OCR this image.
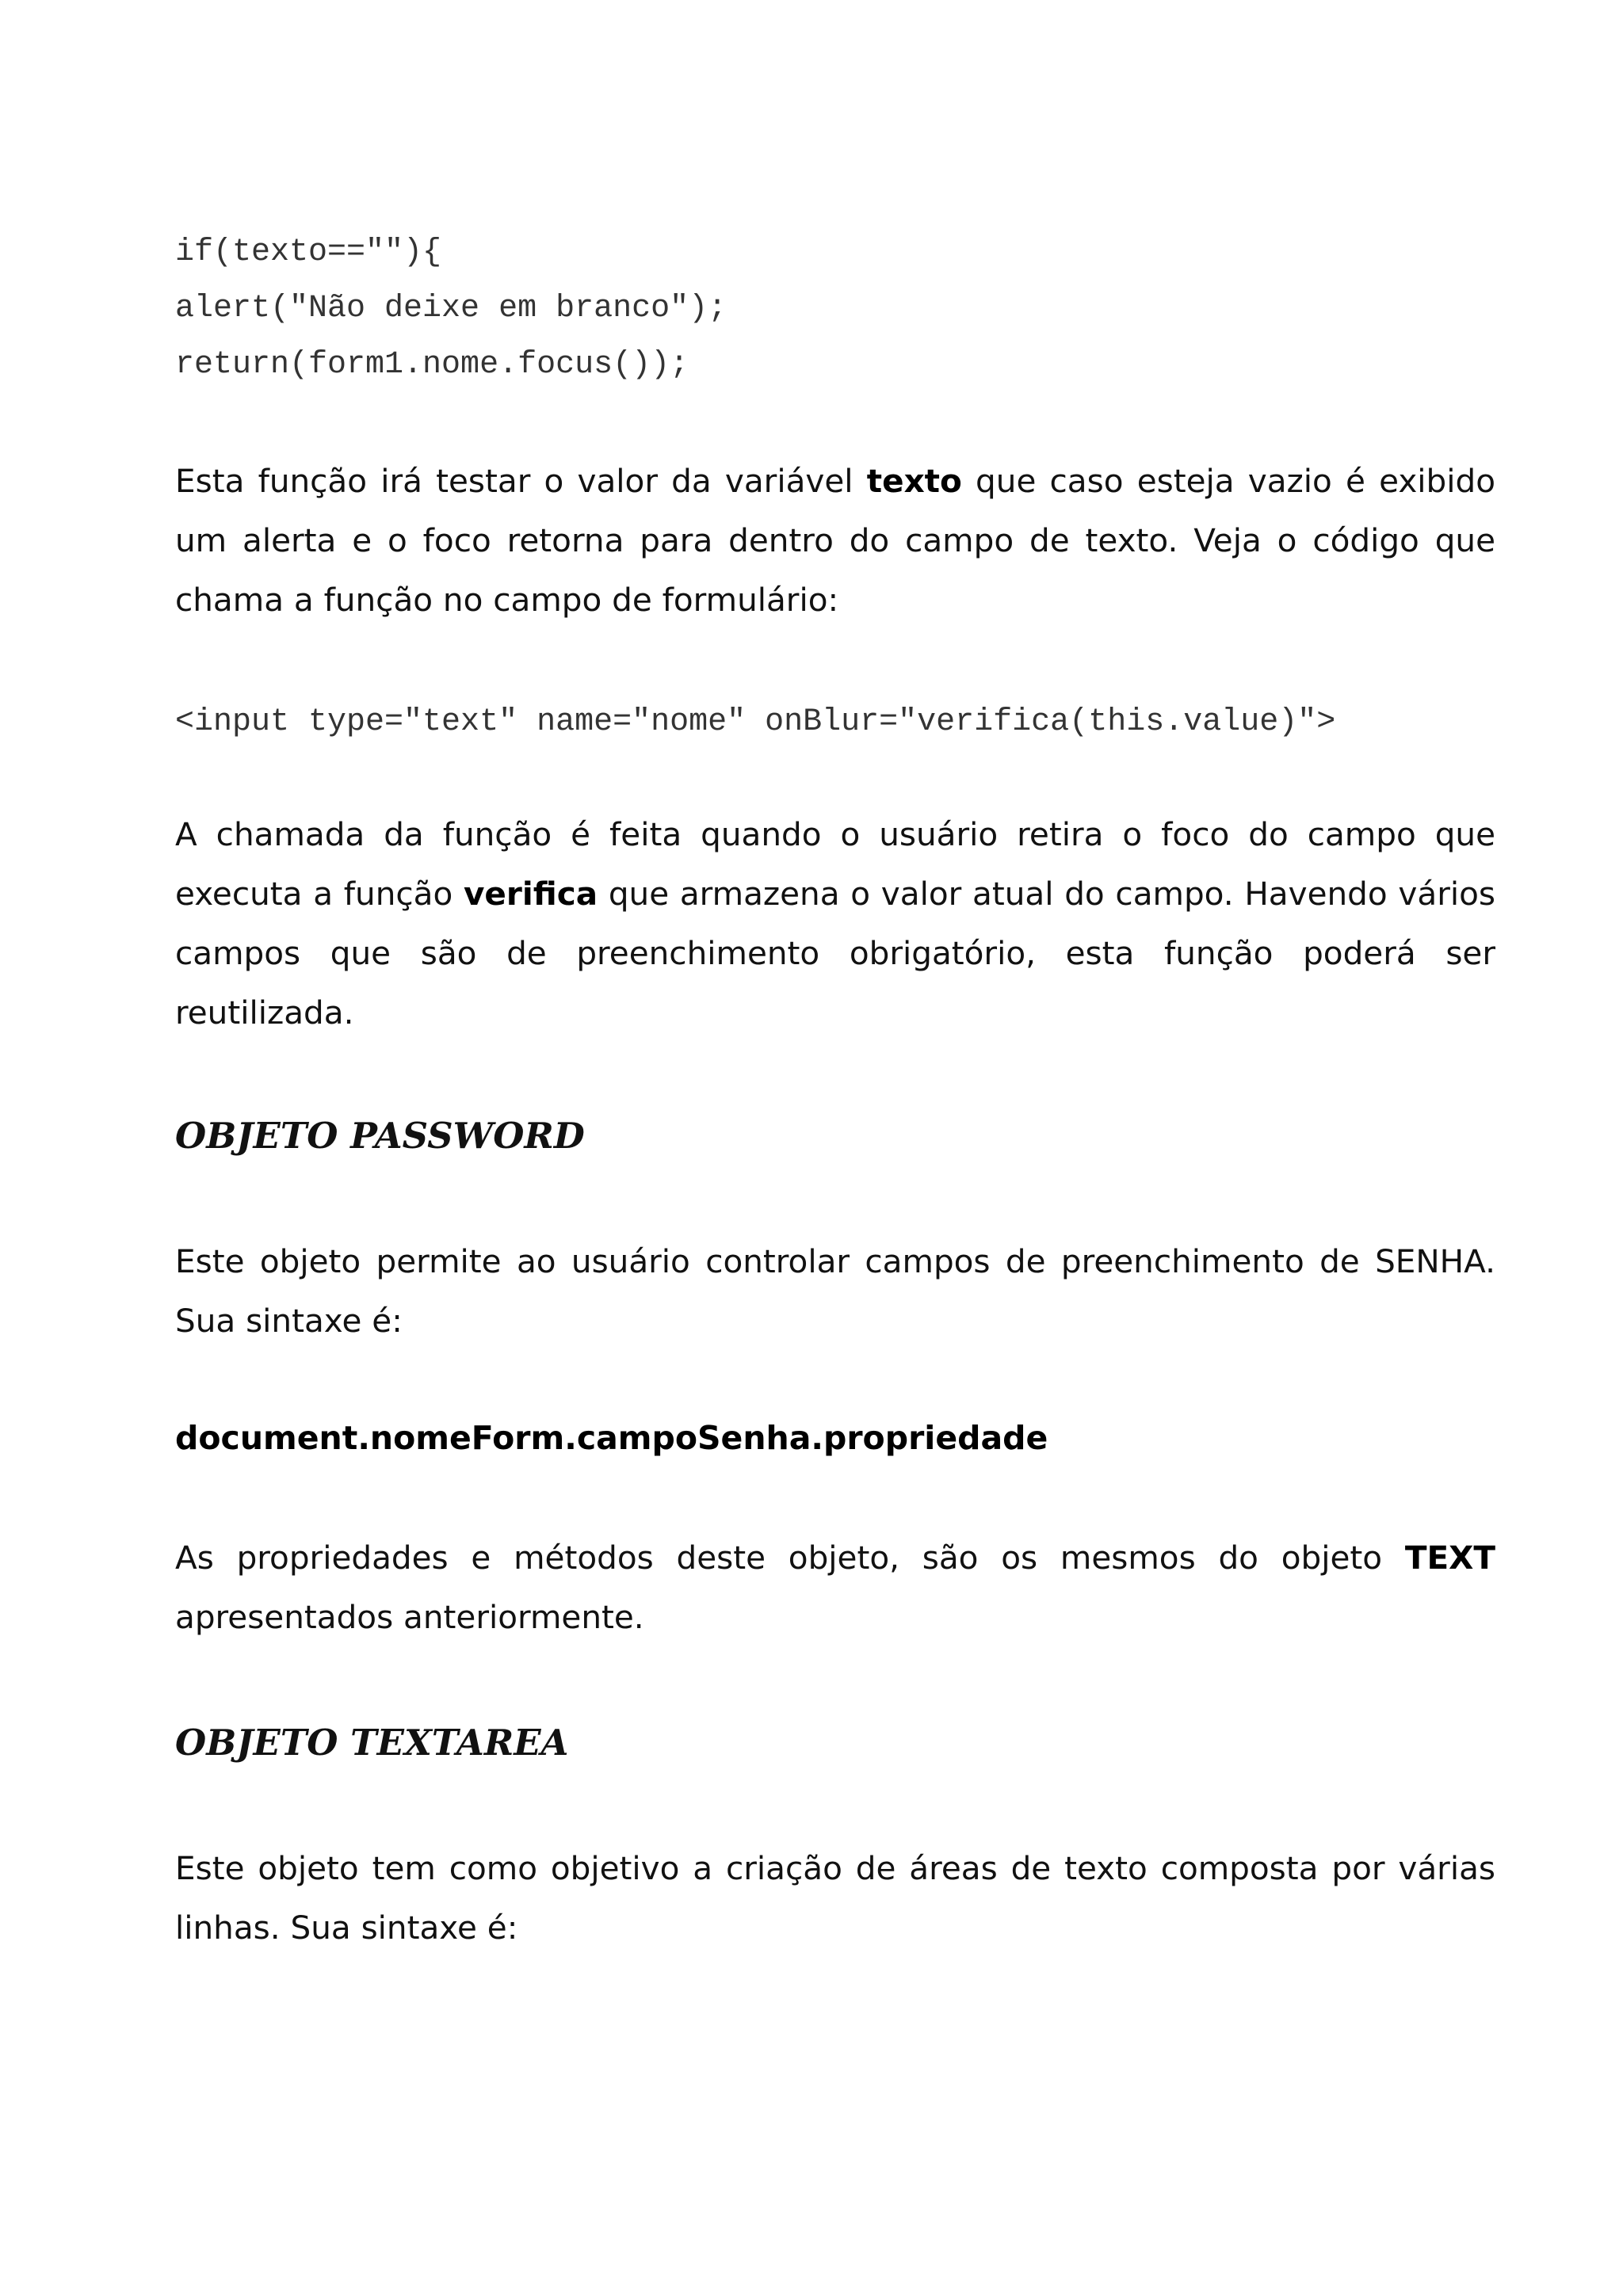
if(texto==""){
alert("Não deixe em branco");
return(form1.nome.focus());

Esta função irá testar o valor da variável texto que caso esteja vazio é exibido um alerta e o foco retorna para dentro do campo de texto. Veja o código que chama a função no campo de formulário:

<input type="text" name="nome" onBlur="verifica(this.value)">

A chamada da função é feita quando o usuário retira o foco do campo que executa a função verifica que armazena o valor atual do campo. Havendo vários campos que são de preenchimento obrigatório, esta função poderá ser reutilizada.

OBJETO PASSWORD

Este objeto permite ao usuário controlar campos de preenchimento de SENHA. Sua sintaxe é:

document.nomeForm.campoSenha.propriedade

As propriedades e métodos deste objeto, são os mesmos do objeto TEXT apresentados anteriormente.

OBJETO TEXTAREA

Este objeto tem como objetivo a criação de áreas de texto composta por várias linhas. Sua sintaxe é:
